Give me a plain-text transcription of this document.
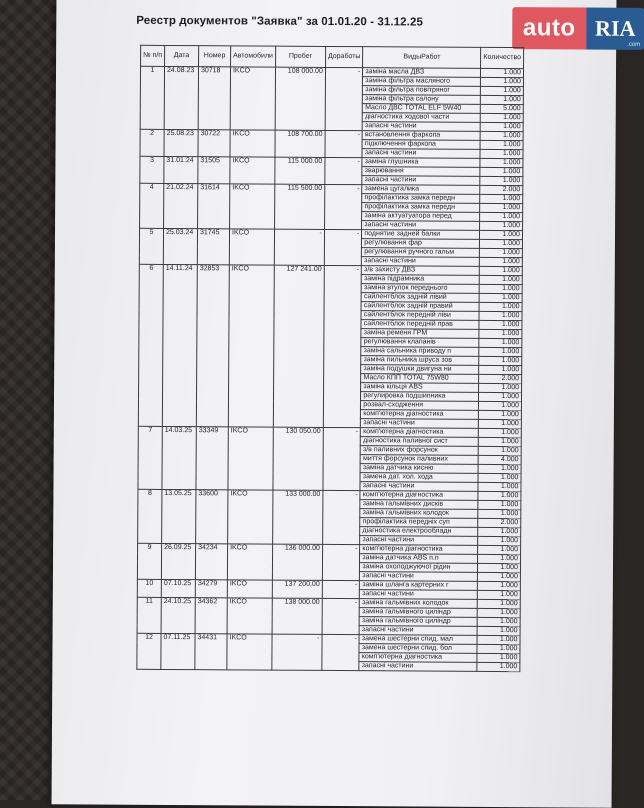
Реестр документов "Заявка" за 01.01.20 - 31.12.25	auto RIA
.com
№ п/п	Дата	Номер	Автомобили	Пробег	Доработы	ВидыРабот	Количество
1	24.08.23	30718	IKCO	108 000.00	-	заміна масла ДВЗ	1.000
						заміна фільтра масляного	1.000
						заміна фільтра повітряног	1.000
						заміна фільтра салону	1.000
						Масло ДВС TOTAL ELF 5W40	5.000
						діагностика ходової части	1.000
						запасні частини	1.000
2	25.08.23	30722	IKCO	108 700.00	-	встановлення фаркопа	1.000
						підключення фаркопа	1.000
						запасні частини	1.000
3	31.01.24	31505	IKCO	115 000.00	-	заміна глушника	1.000
						зварювання	1.000
						запасні частини	1.000
4	21.02.24	31614	IKCO	115 500.00	-	замена цугалика	2.000
						профілактика замка передн	1.000
						профілактика замка передн	1.000
						заміна актуатуатора перед	1.000
						запасні частини	1.000
5	25.03.24	31745	IKCO	-	-	поднятие задней балки	1.000
						регулювання фар	1.000
						регулювання ручного гальм	1.000
						запасні частини	1.000
6	14.11.24	32853	IKCO	127 241.00	-	з/в захисту ДВЗ	1.000
						заміна підрамника	1.000
						заміна втулок переднього	1.000
						сайлентблок задній лівий	1.000
						сайлентблок задній правий	1.000
						сайлентблок передній ліви	1.000
						сайлентблок передній прав	1.000
						заміна ременя ГРМ	1.000
						регулювання клапанів	1.000
						заміна сальника приводу п	1.000
						заміна пильника шруса зов	1.000
						заміна подушки двигуна ни	1.000
						Масло КПП TOTAL 75W80	2.000
						заміна кільця ABS	1.000
						регулировка подшипника	1.000
						розвал-сходження	1.000
						комп'ютерна діагностика	1.000
						запасні частини	1.000
7	14.03.25	33349	IKCO	130 050.00	-	комп'ютерна діагностика	1.000
						діагностика паливної сист	1.000
						з/в паливних форсунок	1.000
						миття форсунок паливних	4.000
						заміна датчика кисню	1.000
						замена дат. хол. хода	1.000
						запасні частини	1.000
8	13.05.25	33600	IKCO	133 000.00	-	комп'ютерна діагностика	1.000
						заміна гальмівних дисків	1.000
						заміна гальмівних колодок	1.000
						профілактика передніх суп	2.000
						діагностика електрообладн	1.000
						запасні частини	1.000
9	26.09.25	34234	IKCO	136 000.00	-	комп'ютерна діагностика	1.000
						заміна датчика ABS п.п	1.000
						заміна охолоджуючої рідин	1.000
						запасні частини	1.000
10	07.10.25	34279	IKCO	137 200.00	-	заміна шланга картерних г	1.000
						запасні частини	1.000
11	24.10.25	34362	IKCO	138 000.00	-	заміна гальмівних колодок	1.000
						заміна гальмівного циліндр	1.000
						заміна гальмівного циліндр	1.000
						запасні частини	1.000
12	07.11.25	34431	IKCO	-	-	замена шестерни спид. мал	1.000
						замена шестерни спид. бол	1.000
						комп'ютерна діагностика	1.000
						запасні частини	1.000
